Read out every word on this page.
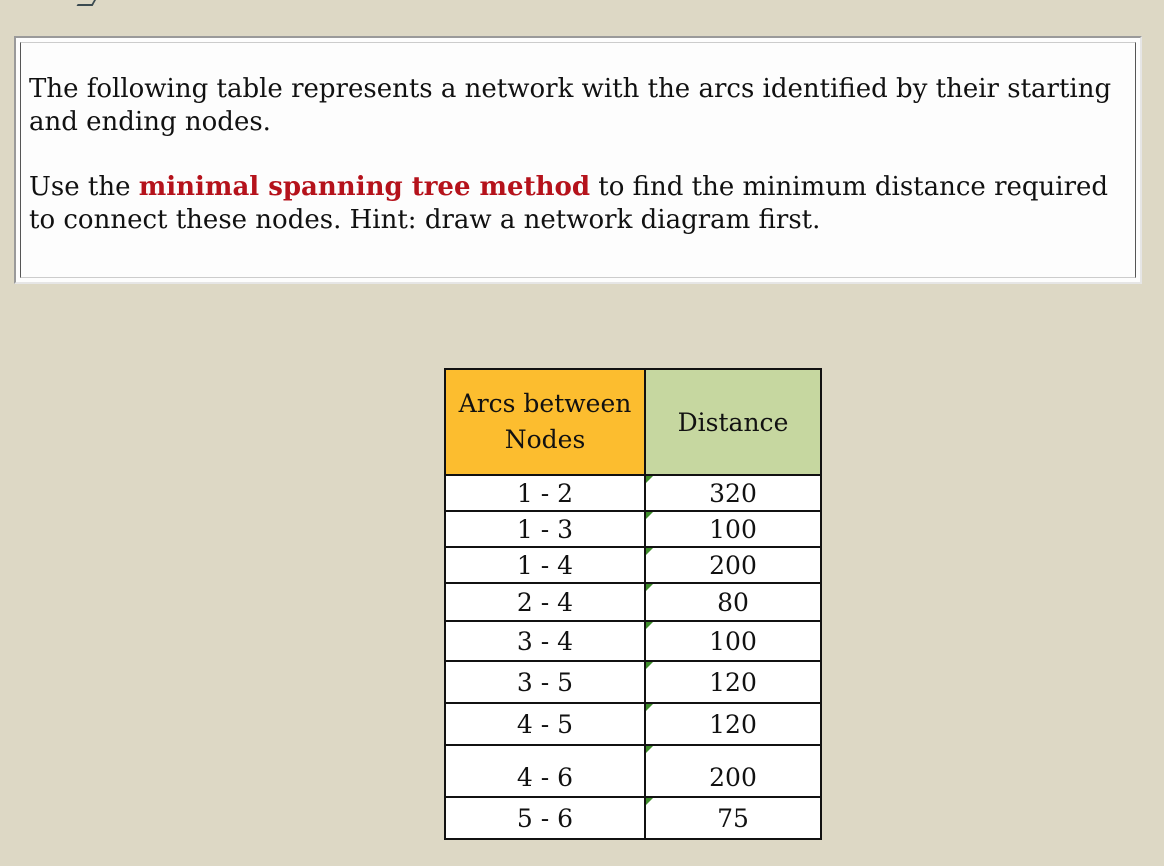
The following table represents a network with the arcs identified by their starting and ending nodes.

Use the minimal spanning tree method to find the minimum distance required to connect these nodes. Hint: draw a network diagram first.

Arcs between
Nodes	Distance
1 - 2	320
1 - 3	100
1 - 4	200
2 - 4	80
3 - 4	100
3 - 5	120
4 - 5	120
4 - 6	200
5 - 6	75
